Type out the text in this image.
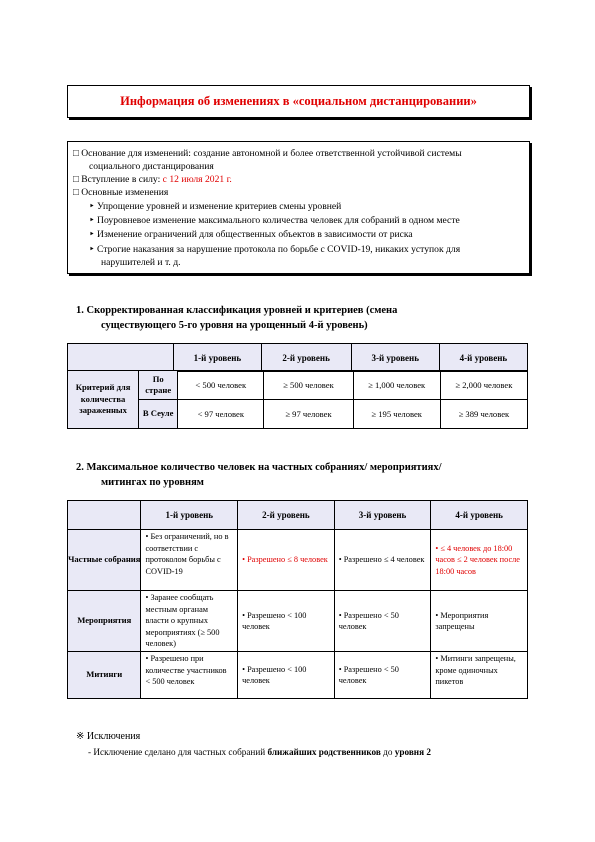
Информация об изменениях в «социальном дистанцировании»
□ Основание для изменений: создание автономной и более ответственной устойчивой системы
социального дистанцирования
□ Вступление в силу: с 12 июля 2021 г.
□ Основные изменения
‣ Упрощение уровней и изменение критериев смены уровней
‣ Поуровневое изменение максимального количества человек для собраний в одном месте
‣ Изменение ограничений для общественных объектов в зависимости от риска
‣ Строгие наказания за нарушение протокола по борьбе с COVID-19, никаких уступок для
нарушителей и т. д.
1. Скорректированная классификация уровней и критериев (смена
существующего 5-го уровня на урощенный 4-й уровень)
	1-й уровень	2-й уровень	3-й уровень	4-й уровень
Критерий для количества зараженных	По стране	< 500 человек	≥ 500 человек	≥ 1,000 человек	≥ 2,000 человек
	В Сеуле	< 97 человек	≥ 97 человек	≥ 195 человек	≥ 389 человек
2. Максимальное количество человек на частных собраниях/ мероприятиях/
митингах по уровням
	1-й уровень	2-й уровень	3-й уровень	4-й уровень
Частные собрания	• Без ограничений, но в соответствии с протоколом борьбы с COVID-19	• Разрешено ≤ 8 человек	• Разрешено ≤ 4 человек	• ≤ 4 человек до 18:00 часов ≤ 2 человек после 18:00 часов
Мероприятия	• Заранее сообщать местным органам власти о крупных мероприятиях (≥ 500 человек)	• Разрешено < 100 человек	• Разрешено < 50 человек	• Мероприятия запрещены
Митинги	• Разрешено при количестве участников < 500 человек	• Разрешено < 100 человек	• Разрешено < 50 человек	• Митинги запрещены, кроме одиночных пикетов
※ Исключения
- Исключение сделано для частных собраний ближайших родственников до уровня 2
